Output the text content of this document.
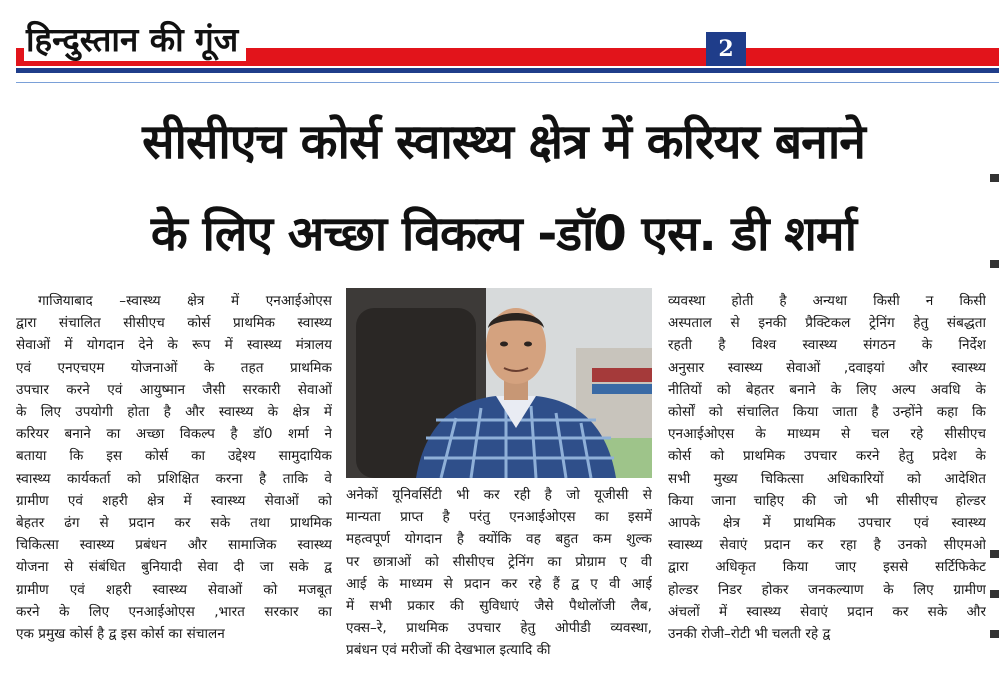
हिन्दुस्तान की गूंज	2
सीसीएच कोर्स स्वास्थ्य क्षेत्र में करियर बनाने
के लिए अच्छा विकल्प -डॉ0 एस. डी शर्मा
गाजियाबाद –स्वास्थ्य क्षेत्र में एनआईओएस
द्वारा संचालित सीसीएच कोर्स प्राथमिक स्वास्थ्य
सेवाओं में योगदान देने के रूप में स्वास्थ्य मंत्रालय
एवं एनएचएम योजनाओं के तहत प्राथमिक
उपचार करने एवं आयुष्मान जैसी सरकारी सेवाओं
के लिए उपयोगी होता है और स्वास्थ्य के क्षेत्र में
करियर बनाने का अच्छा विकल्प है डॉ0 शर्मा ने
बताया कि इस कोर्स का उद्देश्य सामुदायिक
स्वास्थ्य कार्यकर्ता को प्रशिक्षित करना है ताकि वे
ग्रामीण एवं शहरी क्षेत्र में स्वास्थ्य सेवाओं को
बेहतर ढंग से प्रदान कर सके तथा प्राथमिक
चिकित्सा स्वास्थ्य प्रबंधन और सामाजिक स्वास्थ्य
योजना से संबंधित बुनियादी सेवा दी जा सके द्व
ग्रामीण एवं शहरी स्वास्थ्य सेवाओं को मजबूत
करने के लिए एनआईओएस ,भारत सरकार का
एक प्रमुख कोर्स है द्व इस कोर्स का संचालन
अनेकों यूनिवर्सिटी भी कर रही है जो यूजीसी से
मान्यता प्राप्त है परंतु एनआईओएस का इसमें
महत्वपूर्ण योगदान है क्योंकि वह बहुत कम शुल्क
पर छात्राओं को सीसीएच ट्रेनिंग का प्रोग्राम ए वी
आई के माध्यम से प्रदान कर रहे हैं द्व ए वी आई
में सभी प्रकार की सुविधाएं जैसे पैथोलॉजी लैब,
एक्स–रे, प्राथमिक उपचार हेतु ओपीडी व्यवस्था,
प्रबंधन एवं मरीजों की देखभाल इत्यादि की
व्यवस्था होती है अन्यथा किसी न किसी
अस्पताल से इनकी प्रैक्टिकल ट्रेनिंग हेतु संबद्धता
रहती है विश्व स्वास्थ्य संगठन के निर्देश
अनुसार स्वास्थ्य सेवाओं ,दवाइयां और स्वास्थ्य
नीतियों को बेहतर बनाने के लिए अल्प अवधि के
कोर्सों को संचालित किया जाता है उन्होंने कहा कि
एनआईओएस के माध्यम से चल रहे सीसीएच
कोर्स को प्राथमिक उपचार करने हेतु प्रदेश के
सभी मुख्य चिकित्सा अधिकारियों को आदेशित
किया जाना चाहिए की जो भी सीसीएच होल्डर
आपके क्षेत्र में प्राथमिक उपचार एवं स्वास्थ्य
स्वास्थ्य सेवाएं प्रदान कर रहा है उनको सीएमओ
द्वारा अधिकृत किया जाए इससे सर्टिफिकेट
होल्डर निडर होकर जनकल्याण के लिए ग्रामीण
अंचलों में स्वास्थ्य सेवाएं प्रदान कर सके और
उनकी रोजी–रोटी भी चलती रहे द्व
